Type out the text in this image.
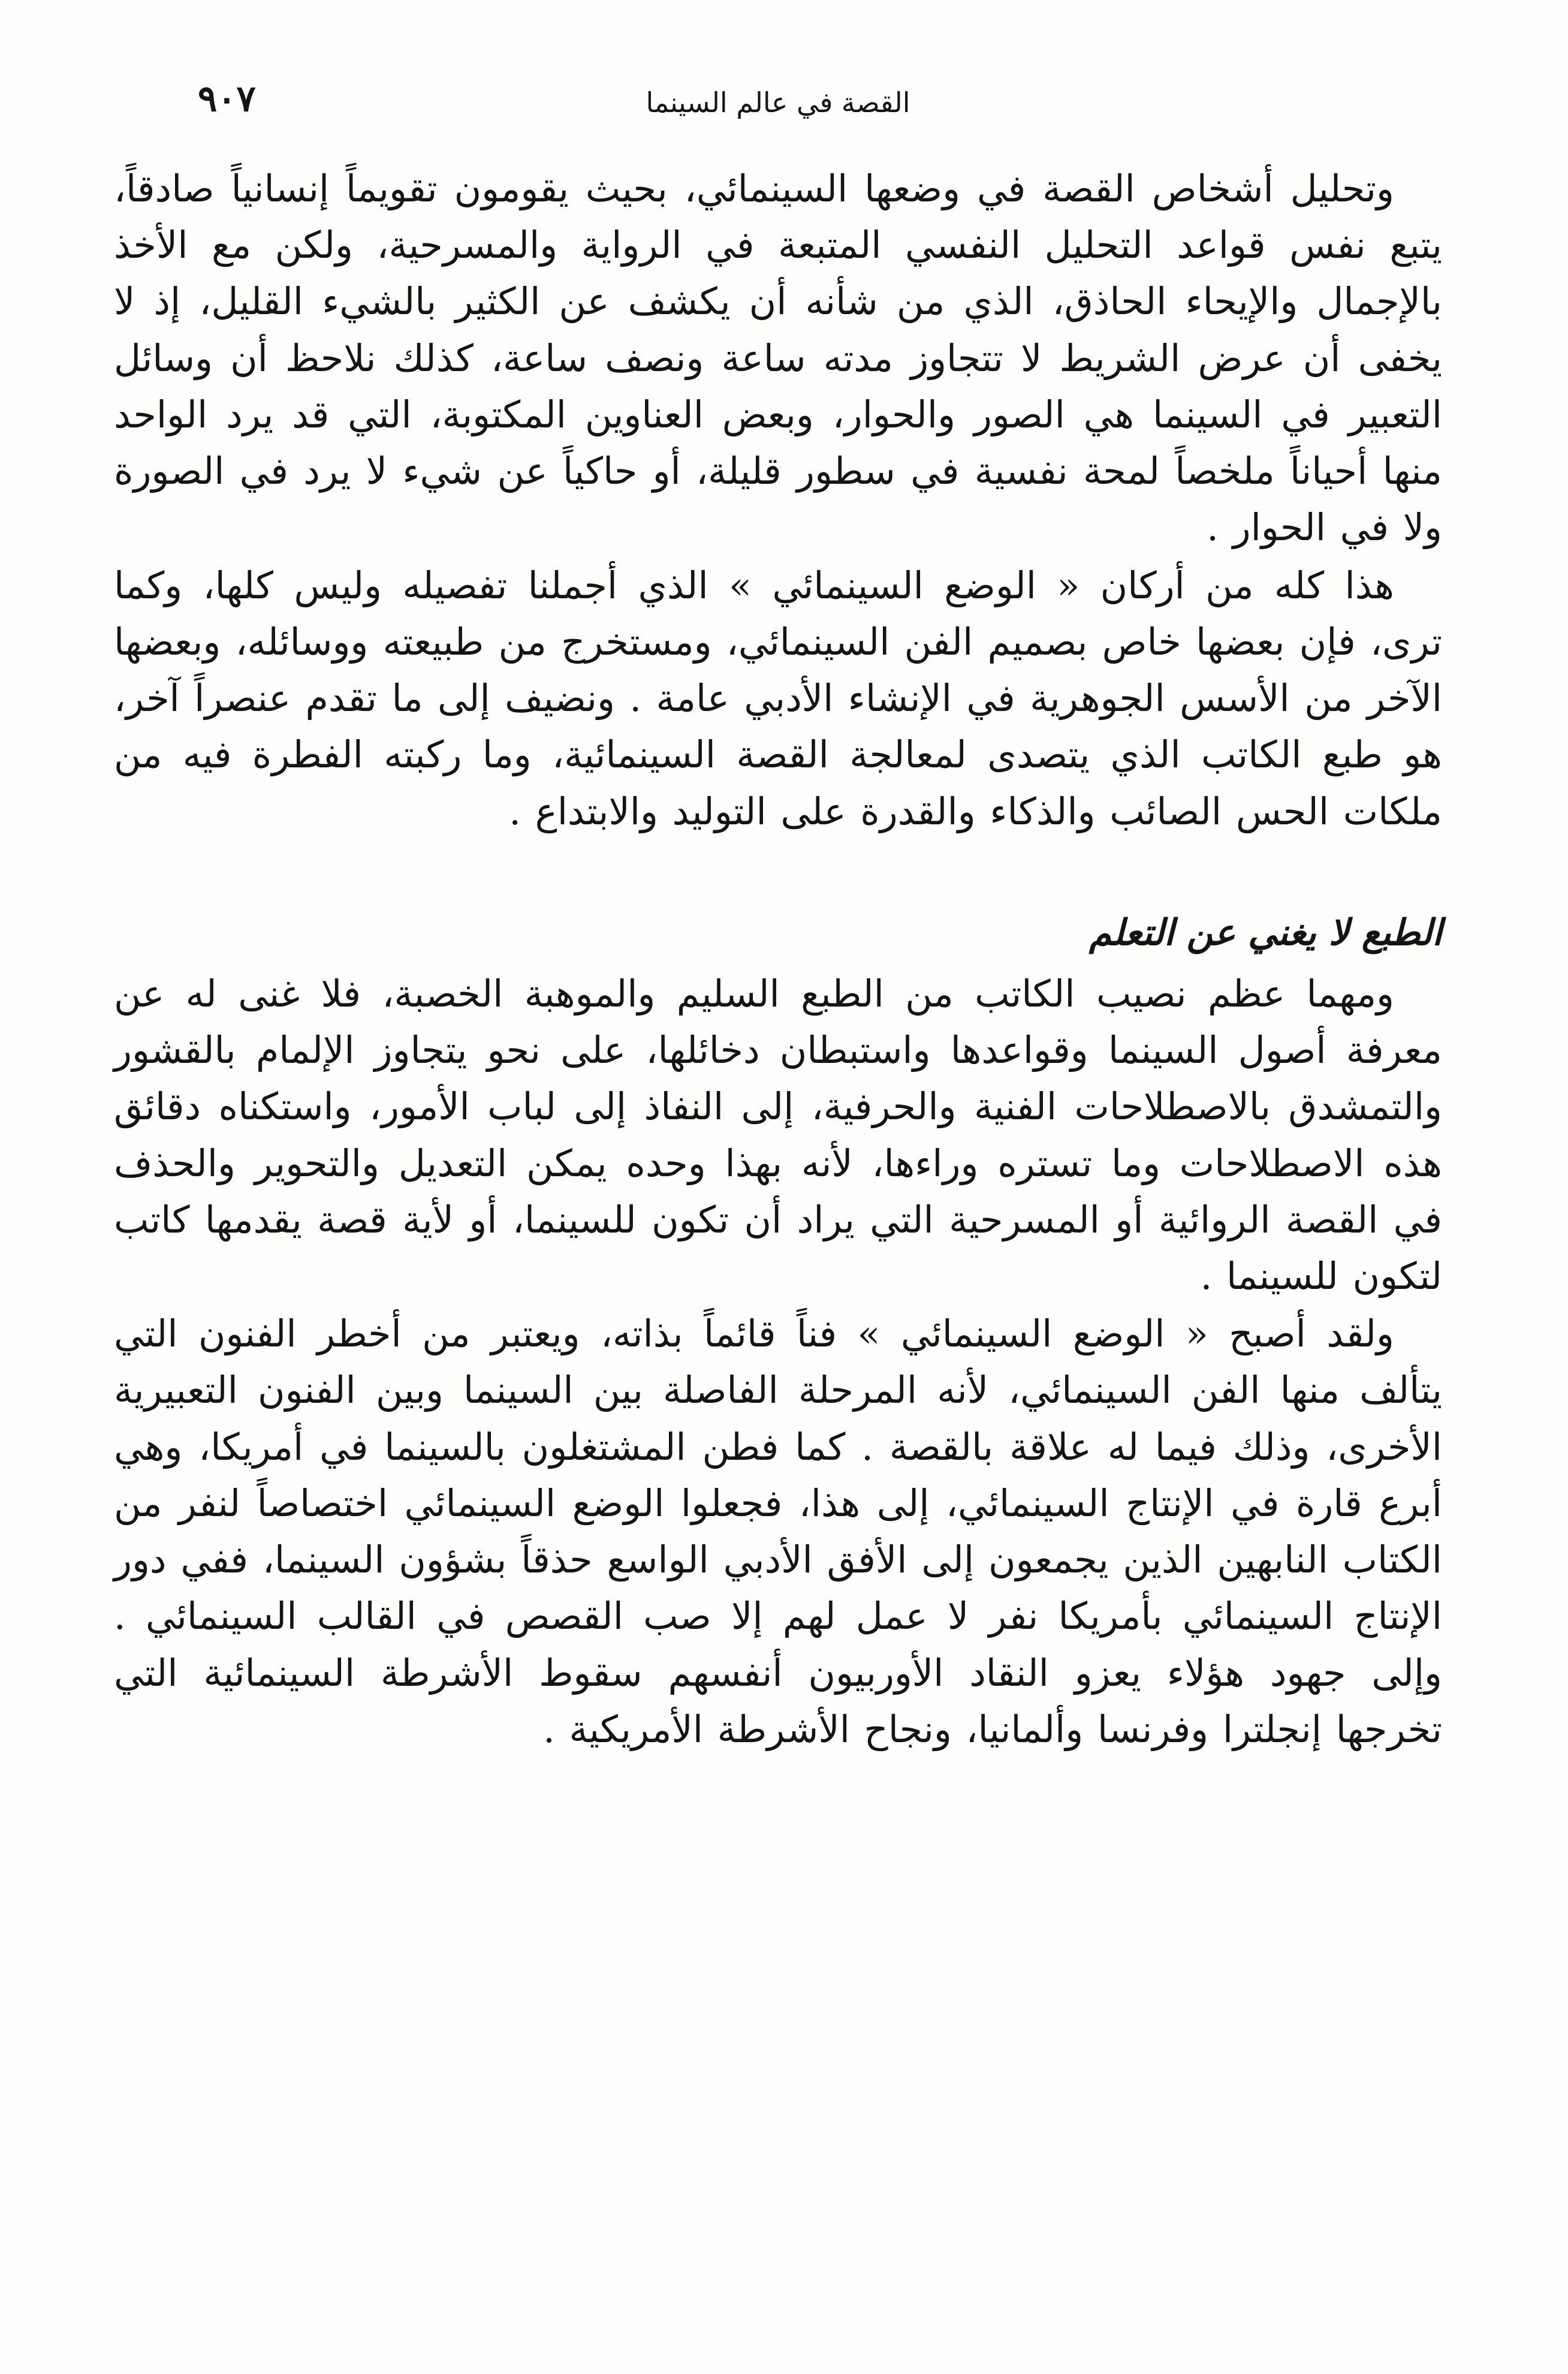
القصة في عالم السينما
٩٠٧

وتحليل أشخاص القصة في وضعها السينمائي، بحيث يقومون تقويماً إنسانياً صادقاً، يتبع نفس قواعد التحليل النفسي المتبعة في الرواية والمسرحية، ولكن مع الأخذ بالإجمال والإيحاء الحاذق، الذي من شأنه أن يكشف عن الكثير بالشيء القليل، إذ لا يخفى أن عرض الشريط لا تتجاوز مدته ساعة ونصف ساعة، كذلك نلاحظ أن وسائل التعبير في السينما هي الصور والحوار، وبعض العناوين المكتوبة، التي قد يرد الواحد منها أحياناً ملخصاً لمحة نفسية في سطور قليلة، أو حاكياً عن شيء لا يرد في الصورة ولا في الحوار .

هذا كله من أركان « الوضع السينمائي » الذي أجملنا تفصيله وليس كلها، وكما ترى، فإن بعضها خاص بصميم الفن السينمائي، ومستخرج من طبيعته ووسائله، وبعضها الآخر من الأسس الجوهرية في الإنشاء الأدبي عامة . ونضيف إلى ما تقدم عنصراً آخر، هو طبع الكاتب الذي يتصدى لمعالجة القصة السينمائية، وما ركبته الفطرة فيه من ملكات الحس الصائب والذكاء والقدرة على التوليد والابتداع .

الطبع لا يغني عن التعلم

ومهما عظم نصيب الكاتب من الطبع السليم والموهبة الخصبة، فلا غنى له عن معرفة أصول السينما وقواعدها واستبطان دخائلها، على نحو يتجاوز الإلمام بالقشور والتمشدق بالاصطلاحات الفنية والحرفية، إلى النفاذ إلى لباب الأمور، واستكناه دقائق هذه الاصطلاحات وما تستره وراءها، لأنه بهذا وحده يمكن التعديل والتحوير والحذف في القصة الروائية أو المسرحية التي يراد أن تكون للسينما، أو لأية قصة يقدمها كاتب لتكون للسينما .

ولقد أصبح « الوضع السينمائي » فناً قائماً بذاته، ويعتبر من أخطر الفنون التي يتألف منها الفن السينمائي، لأنه المرحلة الفاصلة بين السينما وبين الفنون التعبيرية الأخرى، وذلك فيما له علاقة بالقصة . كما فطن المشتغلون بالسينما في أمريكا، وهي أبرع قارة في الإنتاج السينمائي، إلى هذا، فجعلوا الوضع السينمائي اختصاصاً لنفر من الكتاب النابهين الذين يجمعون إلى الأفق الأدبي الواسع حذقاً بشؤون السينما، ففي دور الإنتاج السينمائي بأمريكا نفر لا عمل لهم إلا صب القصص في القالب السينمائي . وإلى جهود هؤلاء يعزو النقاد الأوربيون أنفسهم سقوط الأشرطة السينمائية التي تخرجها إنجلترا وفرنسا وألمانيا، ونجاح الأشرطة الأمريكية .
